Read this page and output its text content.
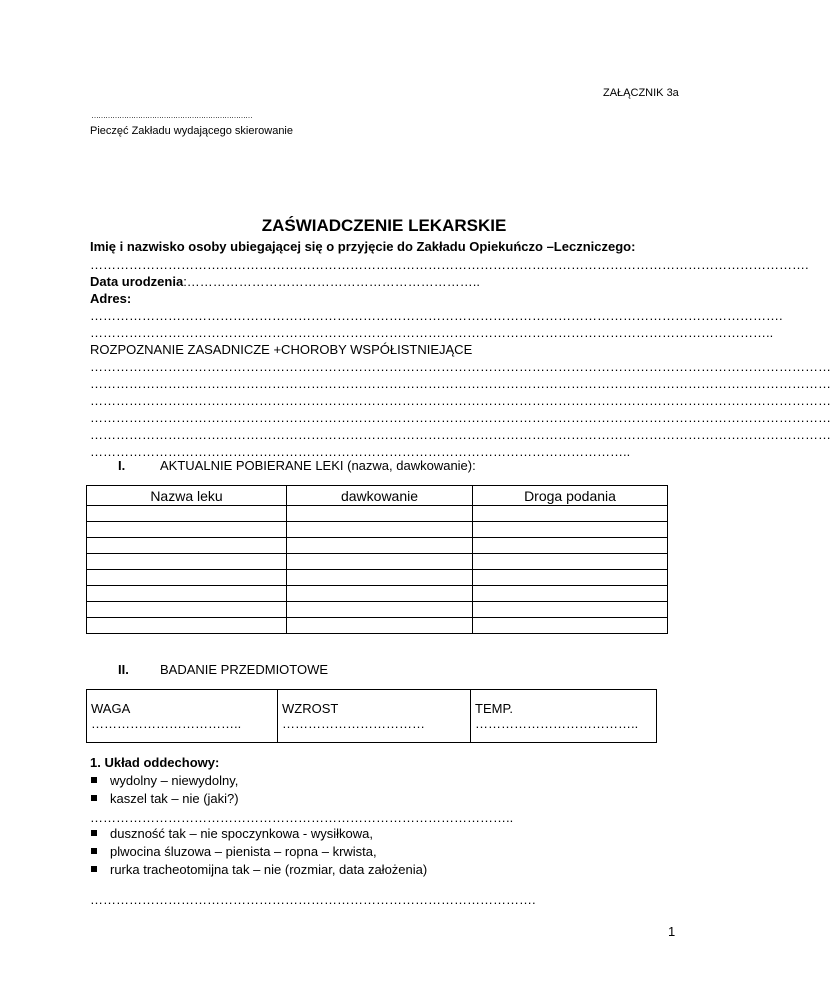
ZAŁĄCZNIK 3a
……………………………………………………………
Pieczęć Zakładu wydającego skierowanie
ZAŚWIADCZENIE LEKARSKIE
Imię i nazwisko osoby ubiegającej się o przyjęcie do Zakładu Opiekuńczo –Leczniczego:
………………………………………………………………………………………………………………………………………………….
Data urodzenia:…………………………………………………………..
Adres:
…………………………………………………………………………………………………………………………………………….
…………………………………………………………………………………………………………………………………………..
ROZPOZNANIE ZASADNICZE +CHOROBY WSPÓŁISTNIEJĄCE
………………………………………………………………………………………………………………………………………………………
………………………………………………………………………………………………………………………………………………………
………………………………………………………………………………………………………………………………………………………
………………………………………………………………………………………………………………………………………………………
………………………………………………………………………………………………………………………………………………………
……………………………………………………………………………………………………………..
I.	AKTUALNIE POBIERANE LEKI (nazwa, dawkowanie):
Nazwa leku	dawkowanie	Droga podania

II. BADANIE PRZEDMIOTOWE
WAGA ……………………………..	WZROST ……………………………	TEMP. ………………………………..
1. Układ oddechowy:
wydolny – niewydolny,
kaszel tak – nie (jaki?)
……………………………………………………………………………………..
duszność tak – nie spoczynkowa - wysiłkowa,
plwocina śluzowa – pienista – ropna – krwista,
rurka tracheotomijna tak – nie (rozmiar, data założenia)
………………………………………………………………………………………….
1
